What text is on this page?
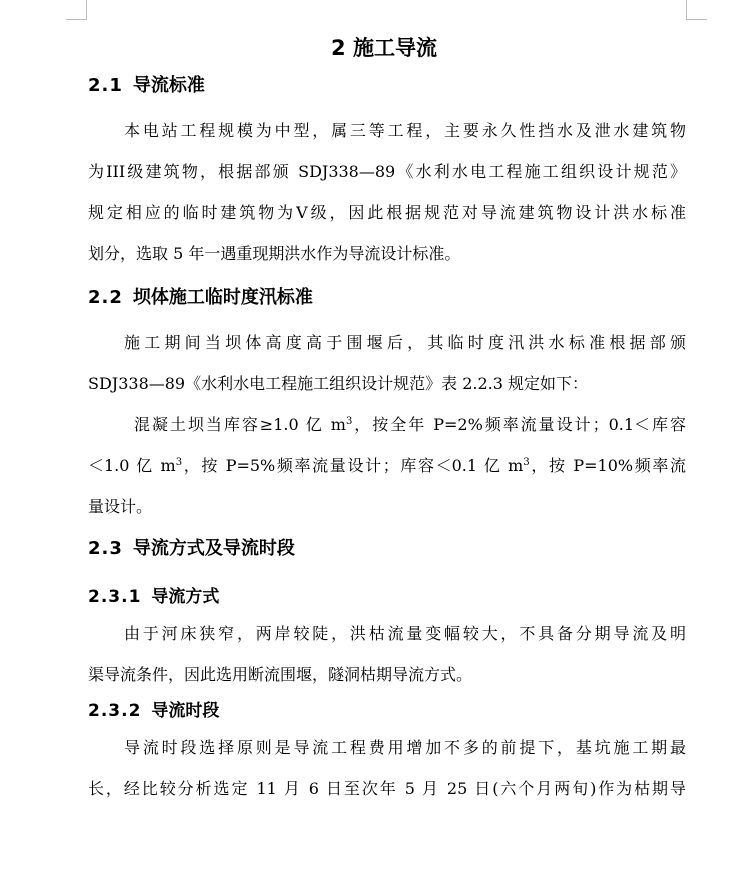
2 施工导流
2.1 导流标准
本电站工程规模为中型，属三等工程，主要永久性挡水及泄水建筑物
为III级建筑物，根据部颁 SDJ338—89《水利水电工程施工组织设计规范》
规定相应的临时建筑物为Ⅴ级，因此根据规范对导流建筑物设计洪水标准
划分，选取 5 年一遇重现期洪水作为导流设计标准。
2.2 坝体施工临时度汛标准
施工期间当坝体高度高于围堰后，其临时度汛洪水标准根据部颁
SDJ338—89《水利水电工程施工组织设计规范》表 2.2.3 规定如下：
混凝土坝当库容≥1.0 亿 $m^3$，按全年 P=2%频率流量设计；0.1＜库容
＜1.0 亿 $m^3$，按 P=5%频率流量设计；库容＜0.1 亿 $m^3$，按 P=10%频率流
量设计。
2.3 导流方式及导流时段
2.3.1 导流方式
由于河床狭窄，两岸较陡，洪枯流量变幅较大，不具备分期导流及明
渠导流条件，因此选用断流围堰，隧洞枯期导流方式。
2.3.2 导流时段
导流时段选择原则是导流工程费用增加不多的前提下，基坑施工期最
长，经比较分析选定 11 月 6 日至次年 5 月 25 日(六个月两旬)作为枯期导
